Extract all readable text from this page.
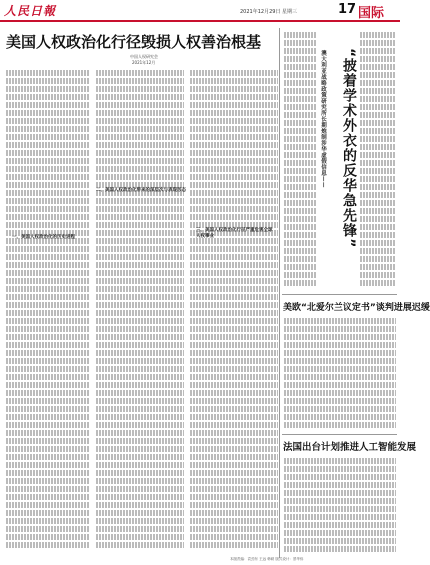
人民日報	2021年12月29日 星期三	17 国际
美国人权政治化行径毁损人权善治根基
中国人权研究会
2021年12月
一、美国人权政治化的历史进程
二、美国人权政治化带来的深层次与表现形态
三、美国人权政治化行径严重危害全球人权事业
澳大利亚战略政策研究所长期炮制涉华虚假信息—— “披着学术外衣的反华急先锋”
美欧“北爱尔兰议定书”谈判进展迟缓
法国出台计划推进人工智能发展
本版责编：袁劲东 王远 韩硕 版式设计：蔡华伟
